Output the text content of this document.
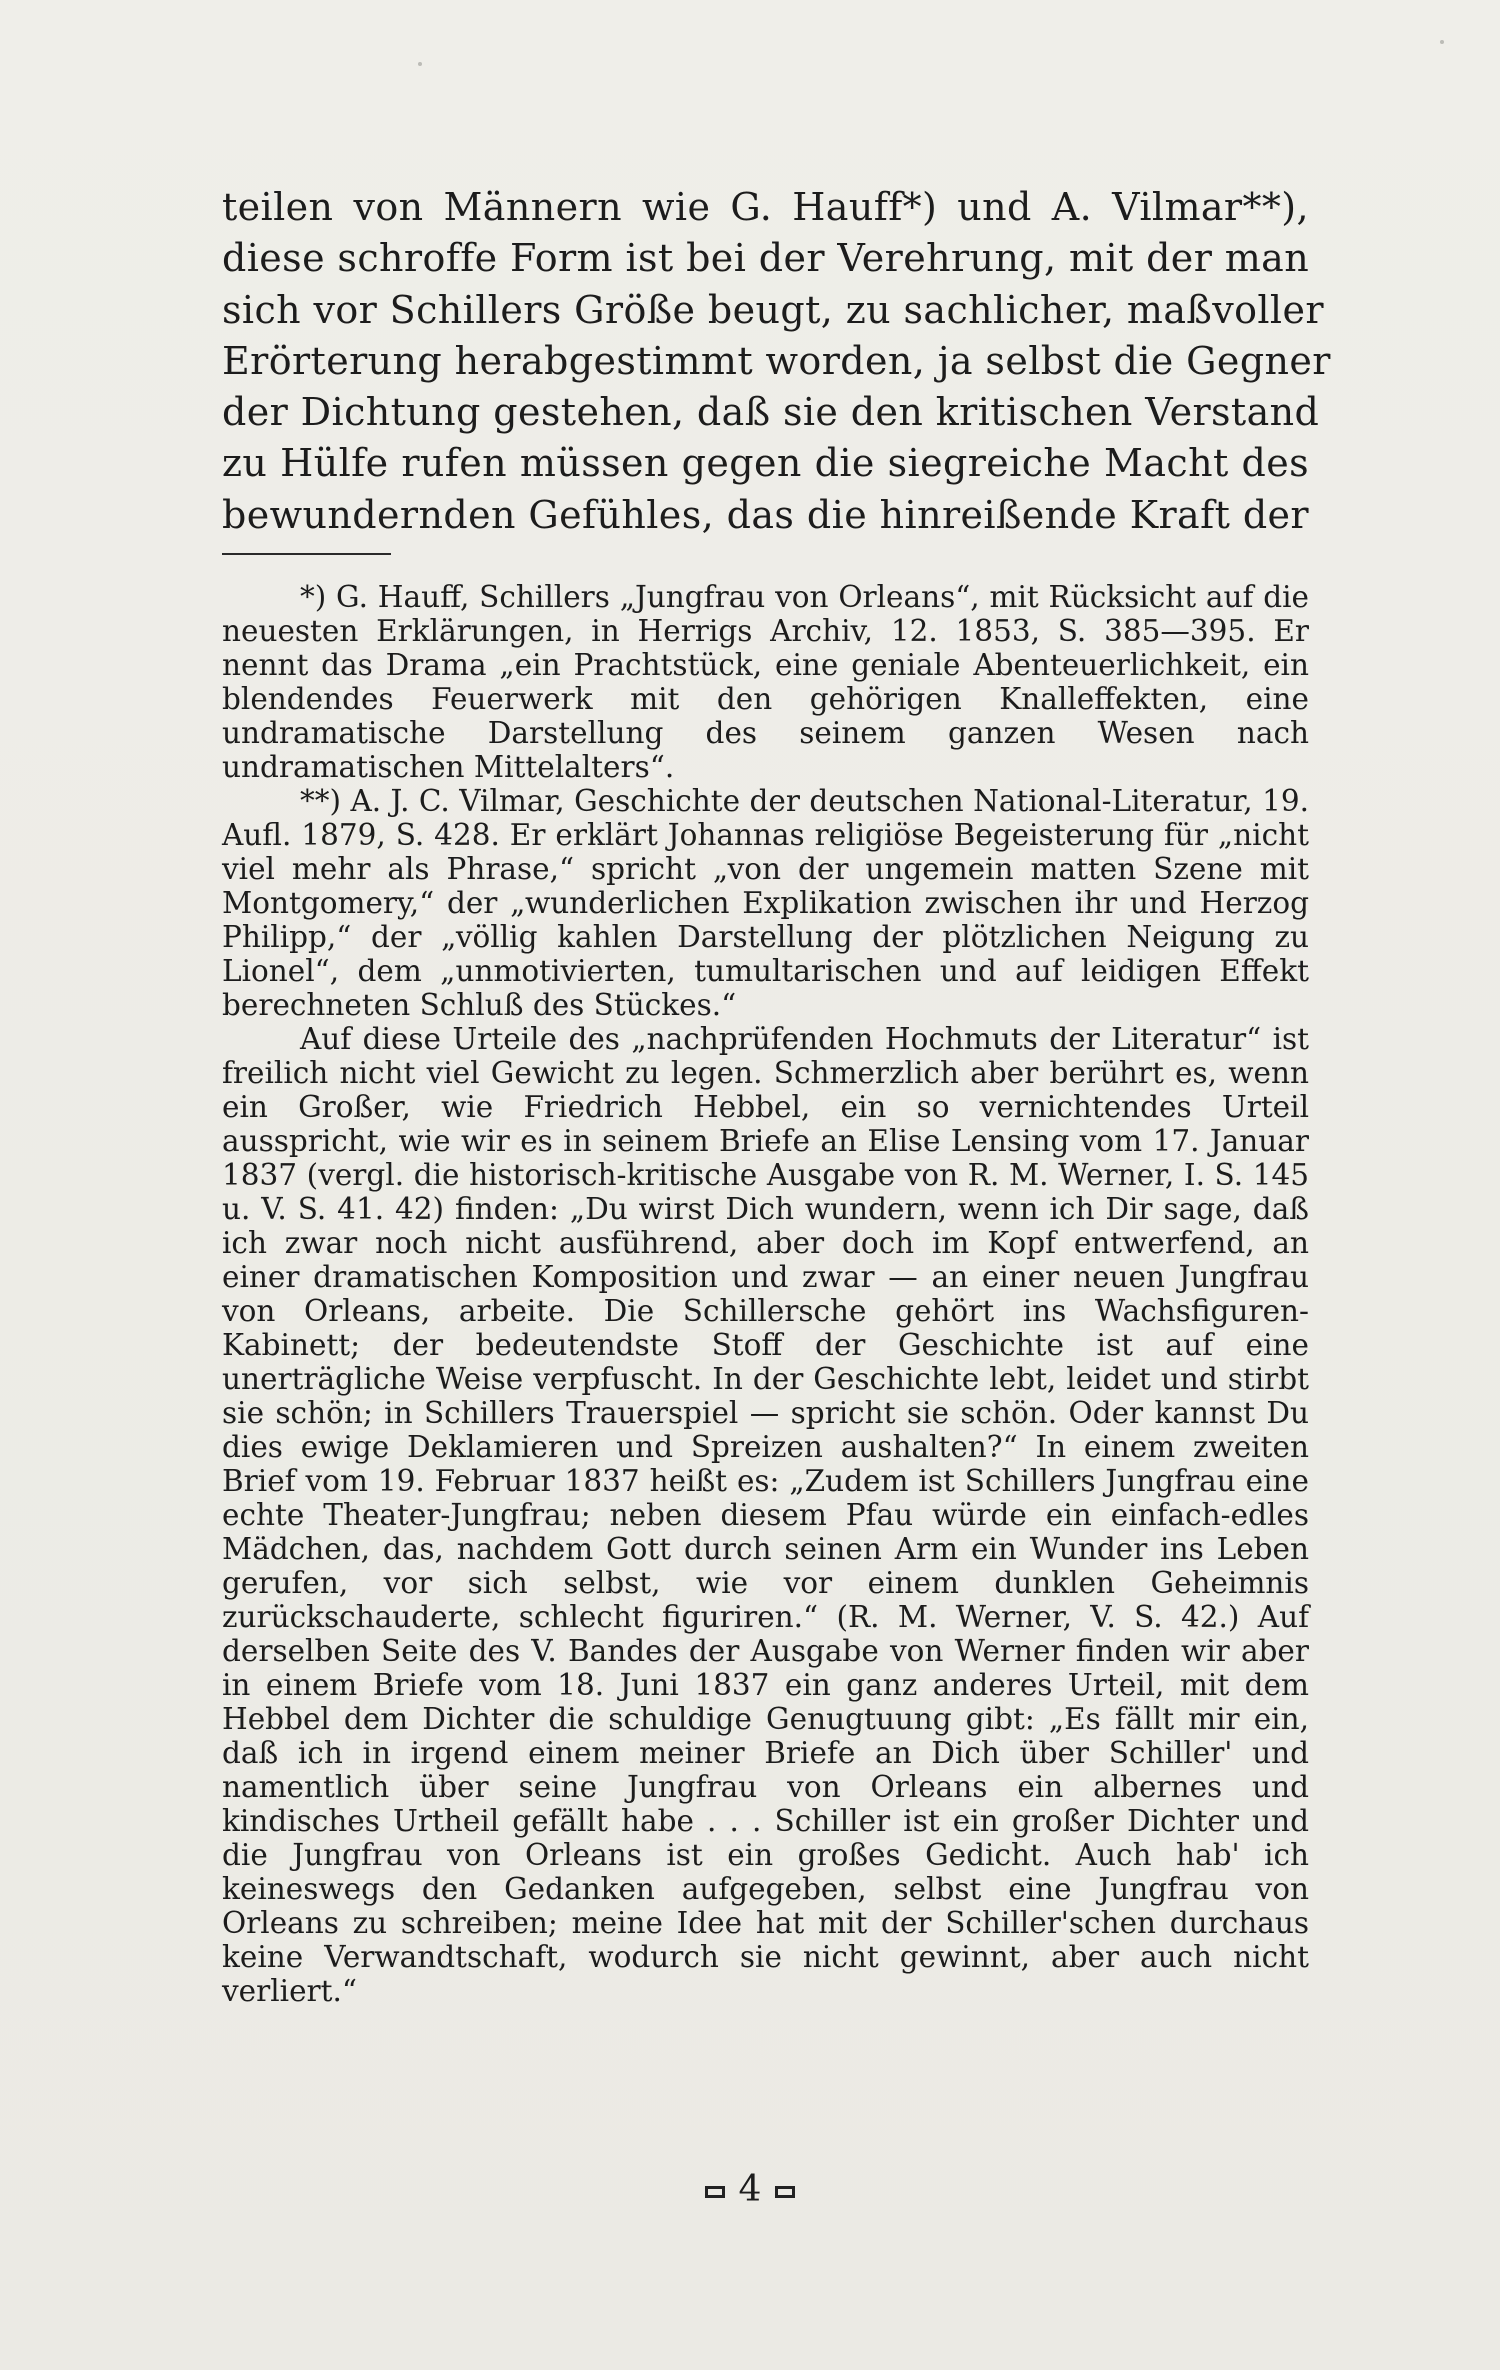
teilen von Männern wie G. Hauff*) und A. Vilmar**),
diese schroffe Form ist bei der Verehrung, mit der man
sich vor Schillers Größe beugt, zu sachlicher, maßvoller
Erörterung herabgestimmt worden, ja selbst die Gegner
der Dichtung gestehen, daß sie den kritischen Verstand
zu Hülfe rufen müssen gegen die siegreiche Macht des
bewundernden Gefühles, das die hinreißende Kraft der

*) G. Hauff, Schillers „Jungfrau von Orleans“, mit Rücksicht auf die neuesten Erklärungen, in Herrigs Archiv, 12. 1853, S. 385—395. Er nennt das Drama „ein Prachtstück, eine geniale Abenteuerlichkeit, ein blendendes Feuerwerk mit den gehörigen Knalleffekten, eine undramatische Darstellung des seinem ganzen Wesen nach undramatischen Mittelalters“.

**) A. J. C. Vilmar, Geschichte der deutschen National-Literatur, 19. Aufl. 1879, S. 428. Er erklärt Johannas religiöse Begeisterung für „nicht viel mehr als Phrase,“ spricht „von der ungemein matten Szene mit Montgomery,“ der „wunderlichen Explikation zwischen ihr und Herzog Philipp,“ der „völlig kahlen Darstellung der plötzlichen Neigung zu Lionel“, dem „unmotivierten, tumultarischen und auf leidigen Effekt berechneten Schluß des Stückes.“

Auf diese Urteile des „nachprüfenden Hochmuts der Literatur“ ist freilich nicht viel Gewicht zu legen. Schmerzlich aber berührt es, wenn ein Großer, wie Friedrich Hebbel, ein so vernichtendes Urteil ausspricht, wie wir es in seinem Briefe an Elise Lensing vom 17. Januar 1837 (vergl. die historisch-kritische Ausgabe von R. M. Werner, I. S. 145 u. V. S. 41. 42) finden: „Du wirst Dich wundern, wenn ich Dir sage, daß ich zwar noch nicht ausführend, aber doch im Kopf entwerfend, an einer dramatischen Komposition und zwar — an einer neuen Jungfrau von Orleans, arbeite. Die Schillersche gehört ins Wachsfiguren-Kabinett; der bedeutendste Stoff der Geschichte ist auf eine unerträgliche Weise verpfuscht. In der Geschichte lebt, leidet und stirbt sie schön; in Schillers Trauerspiel — spricht sie schön. Oder kannst Du dies ewige Deklamieren und Spreizen aushalten?“ In einem zweiten Brief vom 19. Februar 1837 heißt es: „Zudem ist Schillers Jungfrau eine echte Theater-Jungfrau; neben diesem Pfau würde ein einfach-edles Mädchen, das, nachdem Gott durch seinen Arm ein Wunder ins Leben gerufen, vor sich selbst, wie vor einem dunklen Geheimnis zurückschauderte, schlecht figuriren.“ (R. M. Werner, V. S. 42.) Auf derselben Seite des V. Bandes der Ausgabe von Werner finden wir aber in einem Briefe vom 18. Juni 1837 ein ganz anderes Urteil, mit dem Hebbel dem Dichter die schuldige Genugtuung gibt: „Es fällt mir ein, daß ich in irgend einem meiner Briefe an Dich über Schiller' und namentlich über seine Jungfrau von Orleans ein albernes und kindisches Urtheil gefällt habe . . . Schiller ist ein großer Dichter und die Jungfrau von Orleans ist ein großes Gedicht. Auch hab' ich keineswegs den Gedanken aufgegeben, selbst eine Jungfrau von Orleans zu schreiben; meine Idee hat mit der Schiller'schen durchaus keine Verwandtschaft, wodurch sie nicht gewinnt, aber auch nicht verliert.“

4
